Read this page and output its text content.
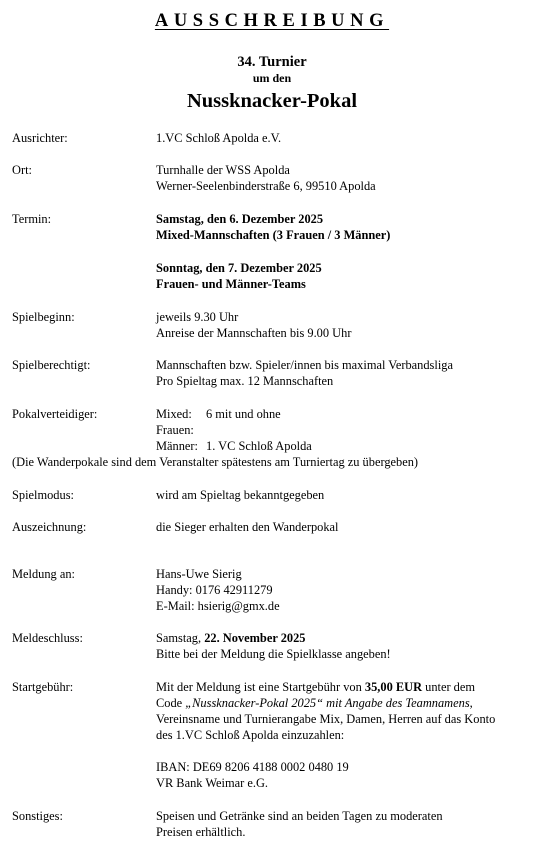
AUSSCHREIBUNG
34. Turnier
um den
Nussknacker-Pokal
Ausrichter:	1.VC Schloß Apolda e.V.
Ort:	Turnhalle der WSS Apolda
Werner-Seelenbinderstraße 6, 99510 Apolda
Termin:	Samstag, den 6. Dezember 2025
Mixed-Mannschaften (3 Frauen / 3 Männer)
Sonntag, den 7. Dezember 2025
Frauen- und Männer-Teams
Spielbeginn:	jeweils 9.30 Uhr
Anreise der Mannschaften bis 9.00 Uhr
Spielberechtigt:	Mannschaften bzw. Spieler/innen bis maximal Verbandsliga
Pro Spieltag max. 12 Mannschaften
Pokalverteidiger:	Mixed: 6 mit und ohne
Frauen:
Männer: 1. VC Schloß Apolda
(Die Wanderpokale sind dem Veranstalter spätestens am Turniertag zu übergeben)
Spielmodus:	wird am Spieltag bekanntgegeben
Auszeichnung:	die Sieger erhalten den Wanderpokal
Meldung an:	Hans-Uwe Sierig
Handy: 0176 42911279
E-Mail: hsierig@gmx.de
Meldeschluss:	Samstag, 22. November 2025
Bitte bei der Meldung die Spielklasse angeben!
Startgebühr:	Mit der Meldung ist eine Startgebühr von 35,00 EUR unter dem
Code „Nussknacker-Pokal 2025“ mit Angabe des Teamnamens,
Vereinsname und Turnierangabe Mix, Damen, Herren auf das Konto
des 1.VC Schloß Apolda einzuzahlen:
IBAN: DE69 8206 4188 0002 0480 19
VR Bank Weimar e.G.
Sonstiges:	Speisen und Getränke sind an beiden Tagen zu moderaten
Preisen erhältlich.
